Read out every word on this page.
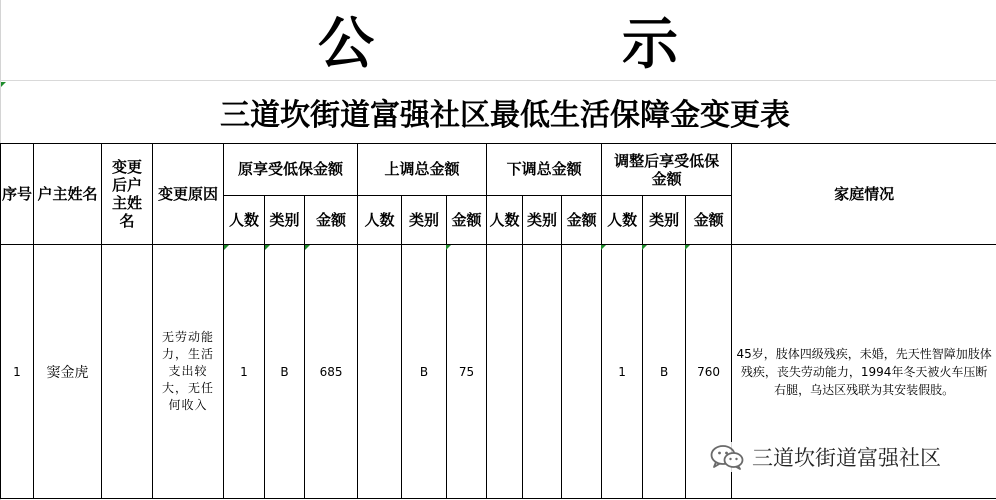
公　示
三道坎街道富强社区最低生活保障金变更表
序号	户主姓名	变更后户主姓名	变更原因	原享受低保金额			上调总金额			下调总金额			调整后享受低保金额			家庭情况
				人数	类别	金额	人数	类别	金额	人数	类别	金额	人数	类别	金额	
1	窦金虎		无劳动能力，生活支出较大，无任何收入	1	B	685		B	75				1	B	760	45岁，肢体四级残疾，未婚，先天性智障加肢体残疾，丧失劳动能力，1994年冬天被火车压断右腿，乌达区残联为其安装假肢。
三道坎街道富强社区
